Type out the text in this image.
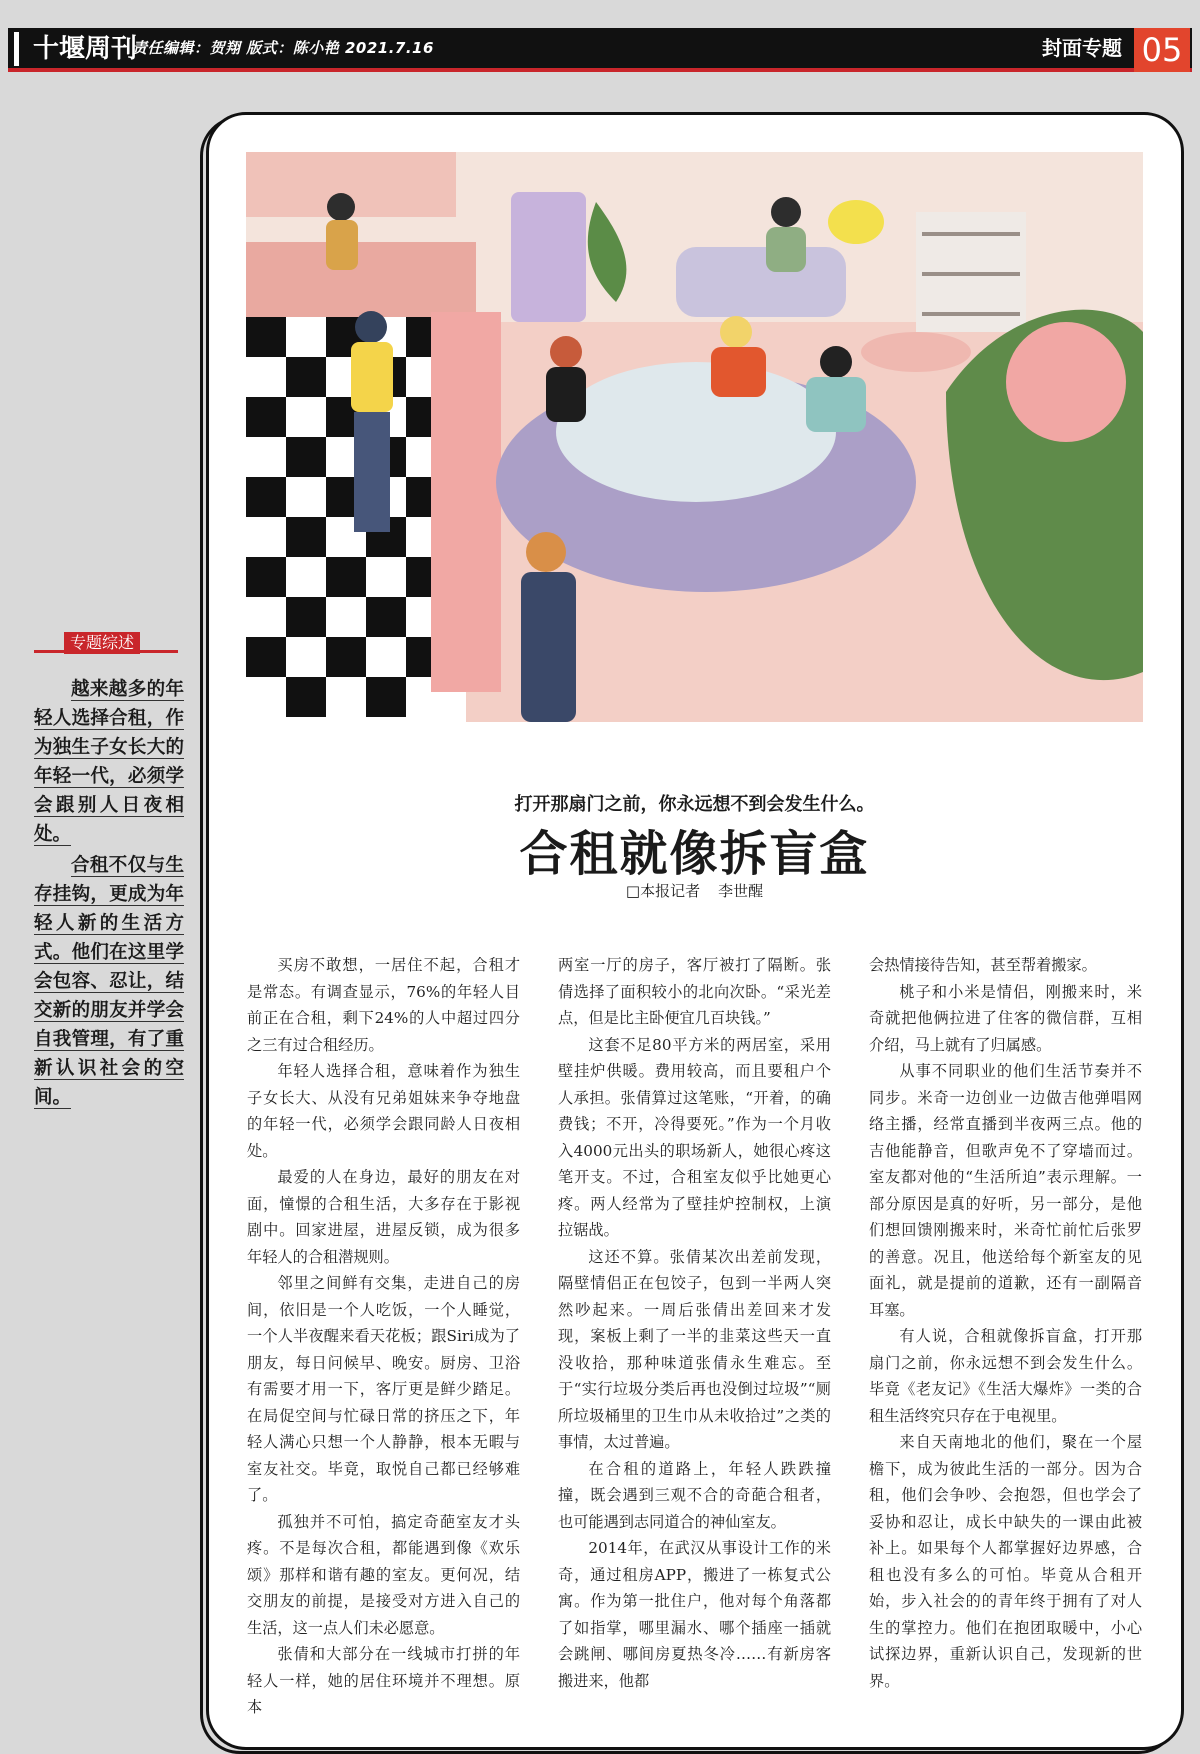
十堰周刊
责任编辑：贺翔 版式：陈小艳 2021.7.16	封面专题 05
专题综述

越来越多的年轻人选择合租，作为独生子女长大的年轻一代，必须学会跟别人日夜相处。

合租不仅与生存挂钩，更成为年轻人新的生活方式。他们在这里学会包容、忍让，结交新的朋友并学会自我管理，有了重新认识社会的空间。

打开那扇门之前，你永远想不到会发生什么。
合租就像拆盲盒
□本报记者 李世醒

买房不敢想，一居住不起，合租才是常态。有调查显示，76%的年轻人目前正在合租，剩下24%的人中超过四分之三有过合租经历。

年轻人选择合租，意味着作为独生子女长大、从没有兄弟姐妹来争夺地盘的年轻一代，必须学会跟同龄人日夜相处。

最爱的人在身边，最好的朋友在对面，憧憬的合租生活，大多存在于影视剧中。回家进屋，进屋反锁，成为很多年轻人的合租潜规则。

邻里之间鲜有交集，走进自己的房间，依旧是一个人吃饭，一个人睡觉，一个人半夜醒来看天花板；跟Siri成为了朋友，每日问候早、晚安。厨房、卫浴有需要才用一下，客厅更是鲜少踏足。在局促空间与忙碌日常的挤压之下，年轻人满心只想一个人静静，根本无暇与室友社交。毕竟，取悦自己都已经够难了。

孤独并不可怕，搞定奇葩室友才头疼。不是每次合租，都能遇到像《欢乐颂》那样和谐有趣的室友。更何况，结交朋友的前提，是接受对方进入自己的生活，这一点人们未必愿意。

张倩和大部分在一线城市打拼的年轻人一样，她的居住环境并不理想。原本

两室一厅的房子，客厅被打了隔断。张倩选择了面积较小的北向次卧。“采光差点，但是比主卧便宜几百块钱。”

这套不足80平方米的两居室，采用壁挂炉供暖。费用较高，而且要租户个人承担。张倩算过这笔账，“开着，的确费钱；不开，冷得要死。”作为一个月收入4000元出头的职场新人，她很心疼这笔开支。不过，合租室友似乎比她更心疼。两人经常为了壁挂炉控制权，上演拉锯战。

这还不算。张倩某次出差前发现，隔壁情侣正在包饺子，包到一半两人突然吵起来。一周后张倩出差回来才发现，案板上剩了一半的韭菜这些天一直没收拾，那种味道张倩永生难忘。至于“实行垃圾分类后再也没倒过垃圾”“厕所垃圾桶里的卫生巾从未收拾过”之类的事情，太过普遍。

在合租的道路上，年轻人跌跌撞撞，既会遇到三观不合的奇葩合租者，也可能遇到志同道合的神仙室友。

2014年，在武汉从事设计工作的米奇，通过租房APP，搬进了一栋复式公寓。作为第一批住户，他对每个角落都了如指掌，哪里漏水、哪个插座一插就会跳闸、哪间房夏热冬冷……有新房客搬进来，他都

会热情接待告知，甚至帮着搬家。

桃子和小米是情侣，刚搬来时，米奇就把他俩拉进了住客的微信群，互相介绍，马上就有了归属感。

从事不同职业的他们生活节奏并不同步。米奇一边创业一边做吉他弹唱网络主播，经常直播到半夜两三点。他的吉他能静音，但歌声免不了穿墙而过。室友都对他的“生活所迫”表示理解。一部分原因是真的好听，另一部分，是他们想回馈刚搬来时，米奇忙前忙后张罗的善意。况且，他送给每个新室友的见面礼，就是提前的道歉，还有一副隔音耳塞。

有人说，合租就像拆盲盒，打开那扇门之前，你永远想不到会发生什么。毕竟《老友记》《生活大爆炸》一类的合租生活终究只存在于电视里。

来自天南地北的他们，聚在一个屋檐下，成为彼此生活的一部分。因为合租，他们会争吵、会抱怨，但也学会了妥协和忍让，成长中缺失的一课由此被补上。如果每个人都掌握好边界感，合租也没有多么的可怕。毕竟从合租开始，步入社会的的青年终于拥有了对人生的掌控力。他们在抱团取暖中，小心试探边界，重新认识自己，发现新的世界。
